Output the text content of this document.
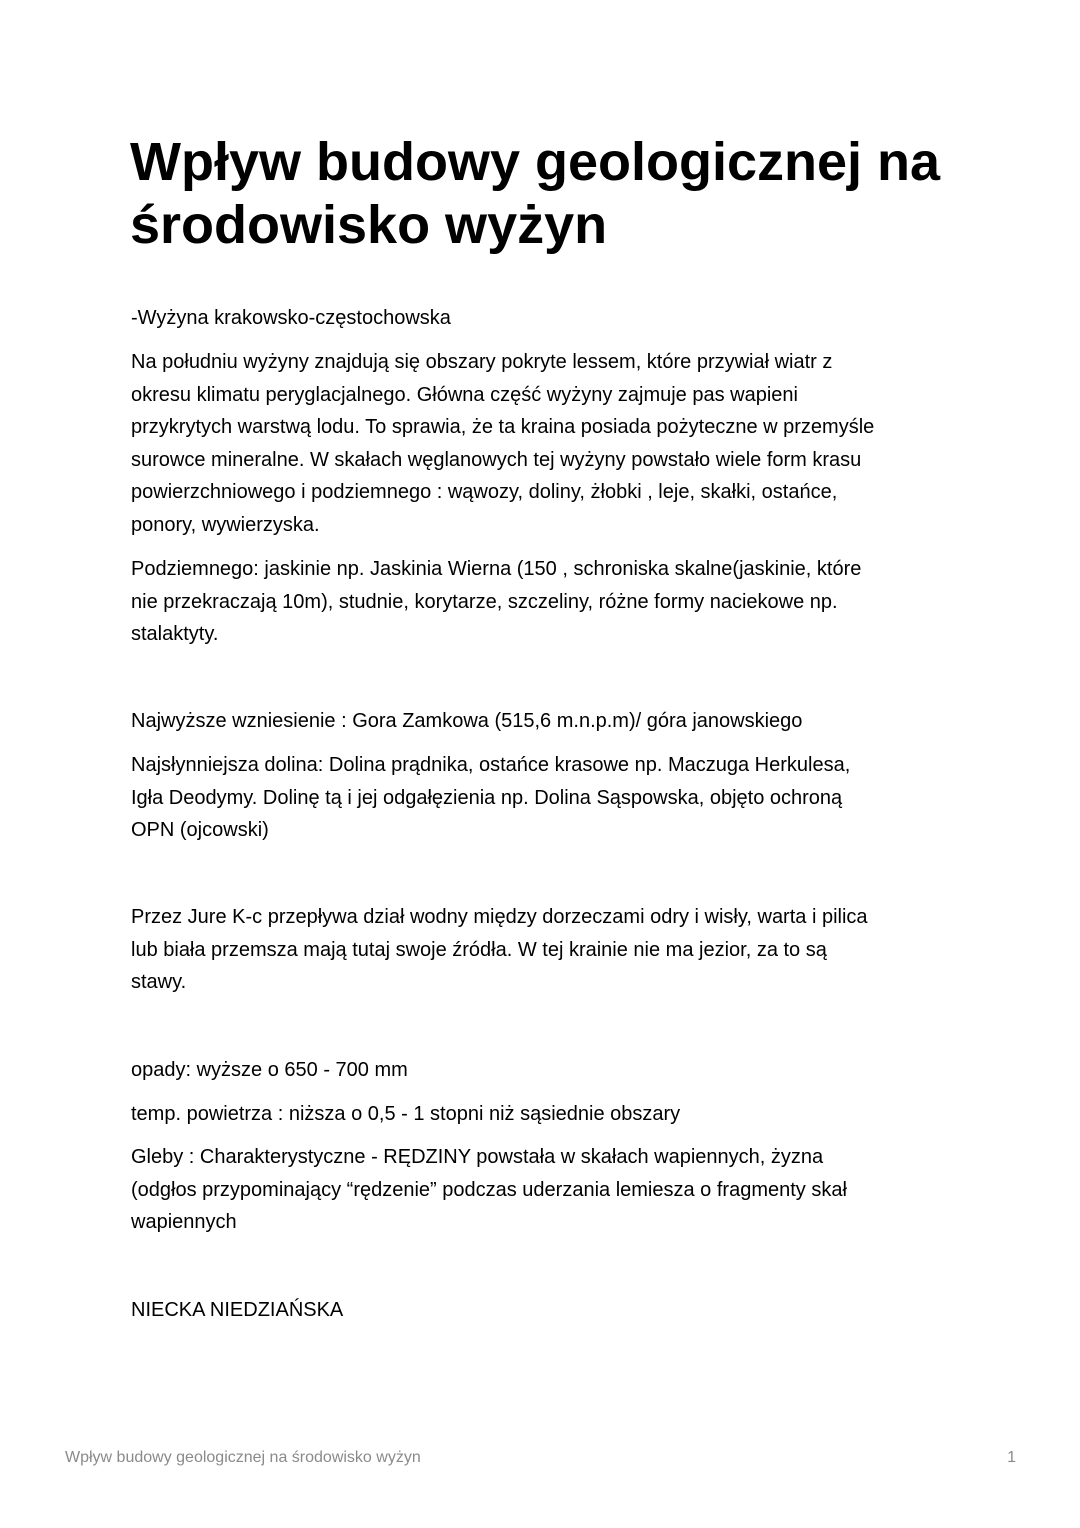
Wpływ budowy geologicznej na
środowisko wyżyn

-Wyżyna krakowsko-częstochowska

Na południu wyżyny znajdują się obszary pokryte lessem, które przywiał wiatr z
okresu klimatu peryglacjalnego. Główna część wyżyny zajmuje pas wapieni
przykrytych warstwą lodu. To sprawia, że ta kraina posiada pożyteczne w przemyśle
surowce mineralne. W skałach węglanowych tej wyżyny powstało wiele form krasu
powierzchniowego i podziemnego : wąwozy, doliny, żłobki , leje, skałki, ostańce,
ponory, wywierzyska.

Podziemnego: jaskinie np. Jaskinia Wierna (150 , schroniska skalne(jaskinie, które
nie przekraczają 10m), studnie, korytarze, szczeliny, różne formy naciekowe np.
stalaktyty.

Najwyższe wzniesienie : Gora Zamkowa (515,6 m.n.p.m)/ góra janowskiego

Najsłynniejsza dolina: Dolina prądnika, ostańce krasowe np. Maczuga Herkulesa,
Igła Deodymy. Dolinę tą i jej odgałęzienia np. Dolina Sąspowska, objęto ochroną
OPN (ojcowski)

Przez Jure K-c przepływa dział wodny między dorzeczami odry i wisły, warta i pilica
lub biała przemsza mają tutaj swoje źródła. W tej krainie nie ma jezior, za to są
stawy.

opady: wyższe o 650 - 700 mm

temp. powietrza : niższa o 0,5 - 1 stopni niż sąsiednie obszary

Gleby : Charakterystyczne - RĘDZINY powstała w skałach wapiennych, żyzna
(odgłos przypominający “rędzenie” podczas uderzania lemiesza o fragmenty skał
wapiennych

NIECKA NIEDZIAŃSKA

Wpływ budowy geologicznej na środowisko wyżyn	1
